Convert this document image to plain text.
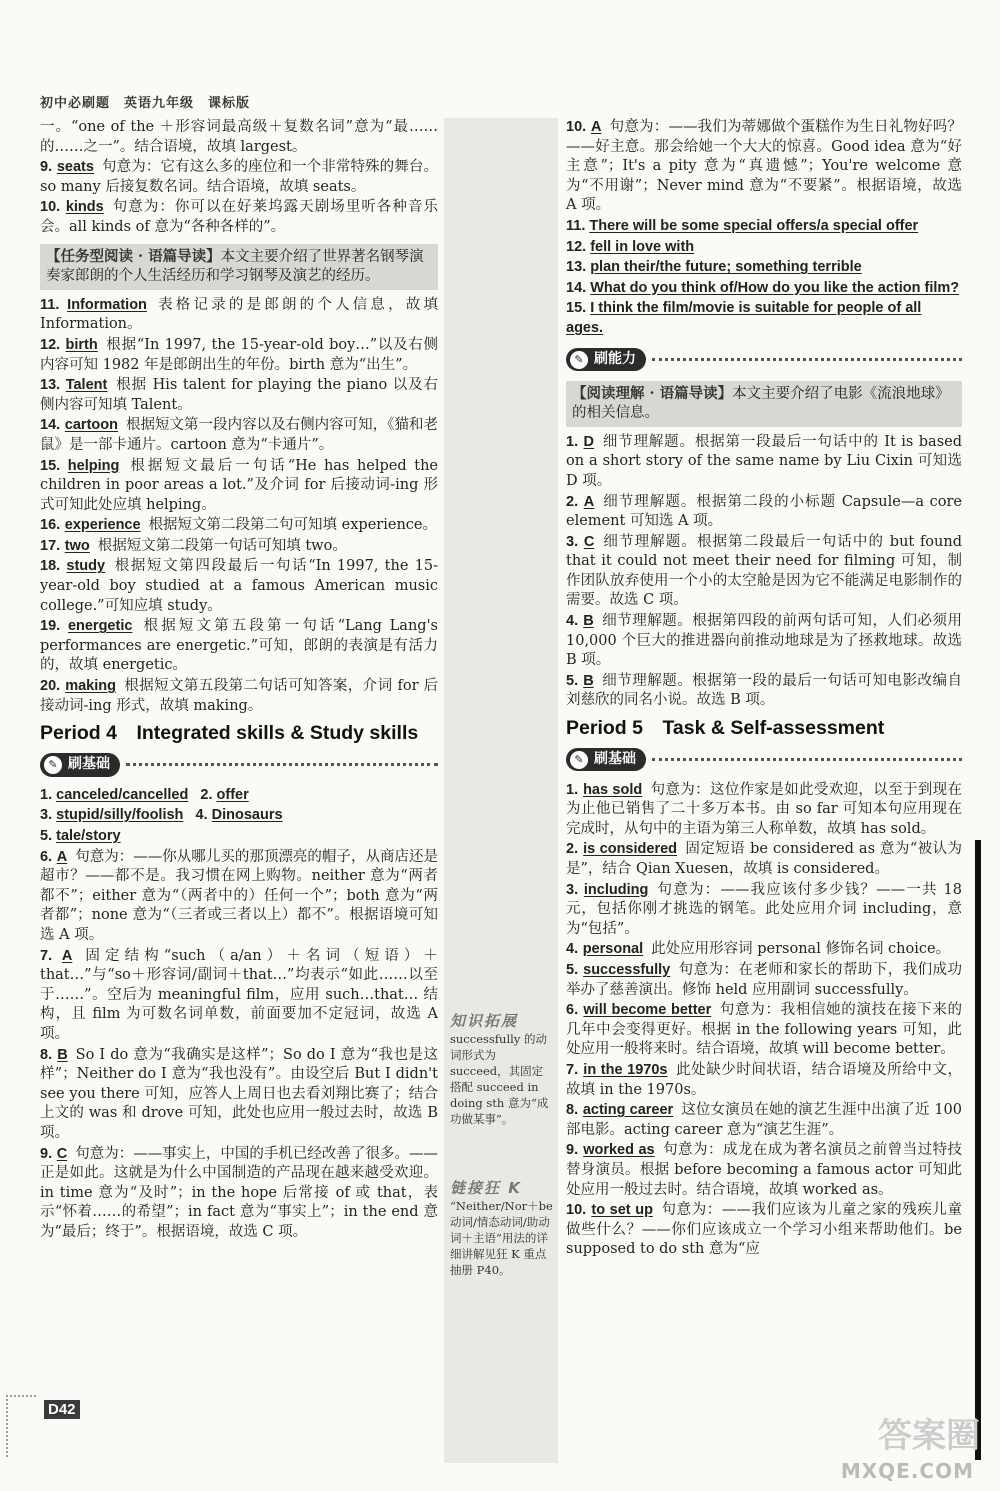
初中必刷题　英语九年级　课标版
一。“one of the ＋形容词最高级＋复数名词”意为“最……的……之一”。结合语境，故填 largest。
9. seats 句意为：它有这么多的座位和一个非常特殊的舞台。so many 后接复数名词。结合语境，故填 seats。
10. kinds 句意为：你可以在好莱坞露天剧场里听各种音乐会。all kinds of 意为“各种各样的”。
【任务型阅读 · 语篇导读】本文主要介绍了世界著名钢琴演奏家郎朗的个人生活经历和学习钢琴及演艺的经历。
11. Information 表格记录的是郎朗的个人信息，故填 Information。
12. birth 根据“In 1997, the 15-year-old boy…”以及右侧内容可知 1982 年是郎朗出生的年份。birth 意为“出生”。
13. Talent 根据 His talent for playing the piano 以及右侧内容可知填 Talent。
14. cartoon 根据短文第一段内容以及右侧内容可知，《猫和老鼠》是一部卡通片。cartoon 意为“卡通片”。
15. helping 根据短文最后一句话“He has helped the children in poor areas a lot.”及介词 for 后接动词-ing 形式可知此处应填 helping。
16. experience 根据短文第二段第二句可知填 experience。
17. two 根据短文第二段第一句话可知填 two。
18. study 根据短文第四段最后一句话“In 1997, the 15-year-old boy studied at a famous American music college.”可知应填 study。
19. energetic 根据短文第五段第一句话“Lang Lang's performances are energetic.”可知，郎朗的表演是有活力的，故填 energetic。
20. making 根据短文第五段第二句话可知答案，介词 for 后接动词-ing 形式，故填 making。
Period 4　Integrated skills & Study skills
✎ 刷基础
1. canceled/cancelled 2. offer
3. stupid/silly/foolish 4. Dinosaurs
5. tale/story
6. A 句意为：——你从哪儿买的那顶漂亮的帽子，从商店还是超市？——都不是。我习惯在网上购物。neither 意为“两者都不”；either 意为“（两者中的）任何一个”；both 意为“两者都”；none 意为“（三者或三者以上）都不”。根据语境可知选 A 项。
7. A 固定结构“such（a/an）＋名词（短语）＋that…”与“so＋形容词/副词＋that…”均表示“如此……以至于……”。空后为 meaningful film，应用 such…that… 结构，且 film 为可数名词单数，前面要加不定冠词，故选 A 项。
8. B So I do 意为“我确实是这样”；So do I 意为“我也是这样”；Neither do I 意为“我也没有”。由设空后 But I didn't see you there 可知，应答人上周日也去看刘翔比赛了；结合上文的 was 和 drove 可知，此处也应用一般过去时，故选 B 项。
9. C 句意为：——事实上，中国的手机已经改善了很多。——正是如此。这就是为什么中国制造的产品现在越来越受欢迎。in time 意为“及时”；in the hope 后常接 of 或 that，表示“怀着……的希望”；in fact 意为“事实上”；in the end 意为“最后；终于”。根据语境，故选 C 项。
知识拓展
successfully 的动词形式为 succeed，其固定搭配 succeed in doing sth 意为“成功做某事”。
链接狂 K
“Neither/Nor＋be 动词/情态动词/助动词＋主语”用法的详细讲解见狂 K 重点抽册 P40。
10. A 句意为：——我们为蒂娜做个蛋糕作为生日礼物好吗？——好主意。那会给她一个大大的惊喜。Good idea 意为“好主意”；It's a pity 意为“真遗憾”；You're welcome 意为“不用谢”；Never mind 意为“不要紧”。根据语境，故选 A 项。
11. There will be some special offers/a special offer
12. fell in love with
13. plan their/the future; something terrible
14. What do you think of/How do you like the action film?
15. I think the film/movie is suitable for people of all ages.
✎ 刷能力
【阅读理解 · 语篇导读】本文主要介绍了电影《流浪地球》的相关信息。
1. D 细节理解题。根据第一段最后一句话中的 It is based on a short story of the same name by Liu Cixin 可知选 D 项。
2. A 细节理解题。根据第二段的小标题 Capsule—a core element 可知选 A 项。
3. C 细节理解题。根据第二段最后一句话中的 but found that it could not meet their need for filming 可知，制作团队放弃使用一个小的太空舱是因为它不能满足电影制作的需要。故选 C 项。
4. B 细节理解题。根据第四段的前两句话可知，人们必须用 10,000 个巨大的推进器向前推动地球是为了拯救地球。故选 B 项。
5. B 细节理解题。根据第一段的最后一句话可知电影改编自刘慈欣的同名小说。故选 B 项。
Period 5　Task & Self-assessment
✎ 刷基础
1. has sold 句意为：这位作家是如此受欢迎，以至于到现在为止他已销售了二十多万本书。由 so far 可知本句应用现在完成时，从句中的主语为第三人称单数，故填 has sold。
2. is considered 固定短语 be considered as 意为“被认为是”，结合 Qian Xuesen，故填 is considered。
3. including 句意为：——我应该付多少钱？——一共 18 元，包括你刚才挑选的钢笔。此处应用介词 including，意为“包括”。
4. personal 此处应用形容词 personal 修饰名词 choice。
5. successfully 句意为：在老师和家长的帮助下，我们成功举办了慈善演出。修饰 held 应用副词 successfully。
6. will become better 句意为：我相信她的演技在接下来的几年中会变得更好。根据 in the following years 可知，此处应用一般将来时。结合语境，故填 will become better。
7. in the 1970s 此处缺少时间状语，结合语境及所给中文，故填 in the 1970s。
8. acting career 这位女演员在她的演艺生涯中出演了近 100 部电影。acting career 意为“演艺生涯”。
9. worked as 句意为：成龙在成为著名演员之前曾当过特技替身演员。根据 before becoming a famous actor 可知此处应用一般过去时。结合语境，故填 worked as。
10. to set up 句意为：——我们应该为儿童之家的残疾儿童做些什么？——你们应该成立一个学习小组来帮助他们。be supposed to do sth 意为“应
D42
答案圈
MXQE.COM
